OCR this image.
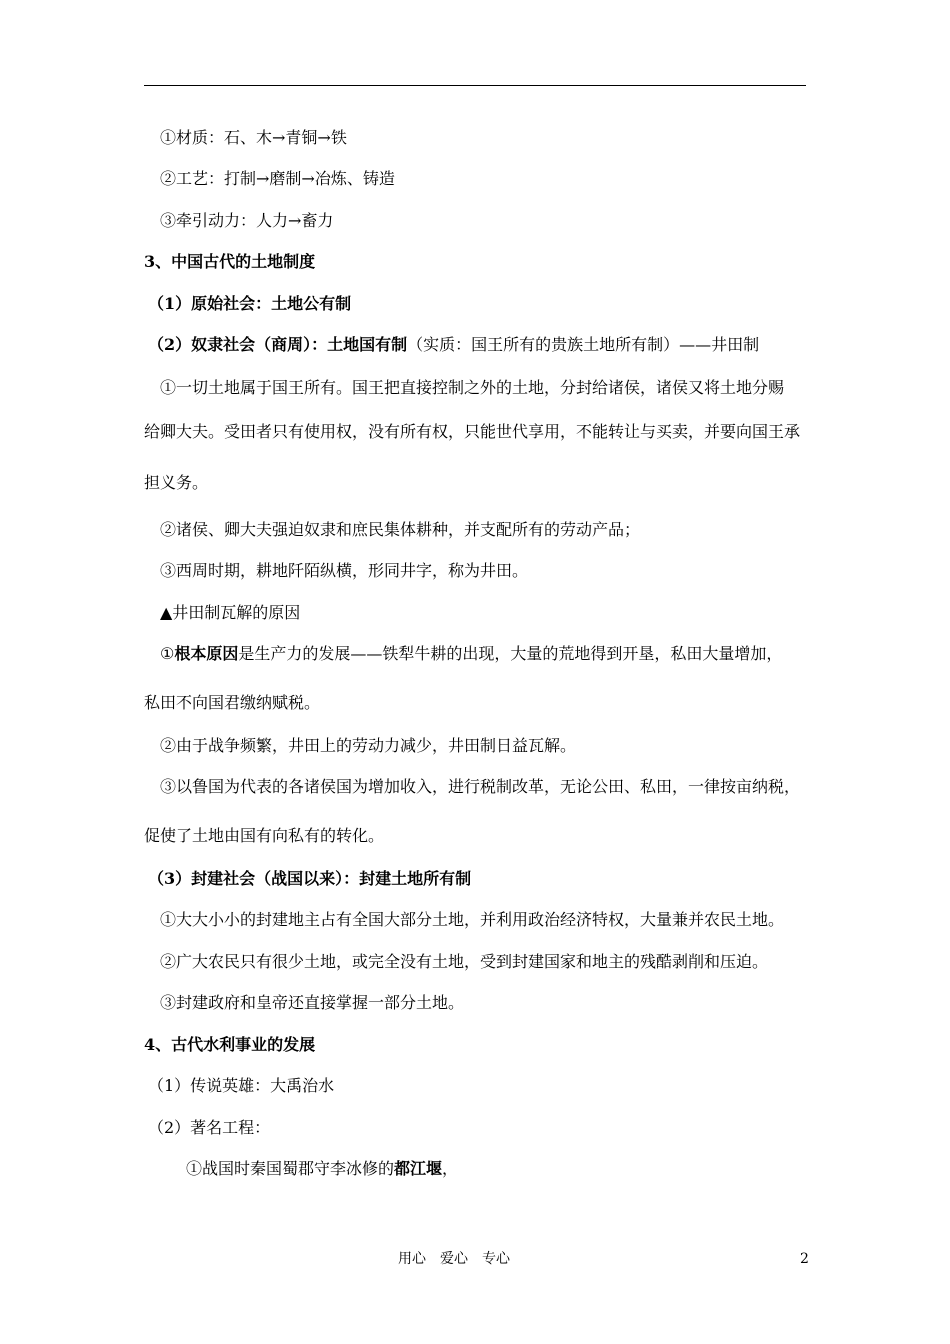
①材质：石、木→青铜→铁
②工艺：打制→磨制→冶炼、铸造
③牵引动力：人力→畜力
3、中国古代的土地制度
（1）原始社会：土地公有制
（2）奴隶社会（商周）：土地国有制（实质：国王所有的贵族土地所有制）——井田制
①一切土地属于国王所有。国王把直接控制之外的土地，分封给诸侯，诸侯又将土地分赐
给卿大夫。受田者只有使用权，没有所有权，只能世代享用，不能转让与买卖，并要向国王承
担义务。
②诸侯、卿大夫强迫奴隶和庶民集体耕种，并支配所有的劳动产品；
③西周时期，耕地阡陌纵横，形同井字，称为井田。
▲井田制瓦解的原因
①根本原因是生产力的发展——铁犁牛耕的出现，大量的荒地得到开垦，私田大量增加，
私田不向国君缴纳赋税。
②由于战争频繁，井田上的劳动力减少，井田制日益瓦解。
③以鲁国为代表的各诸侯国为增加收入，进行税制改革，无论公田、私田，一律按亩纳税，
促使了土地由国有向私有的转化。
（3）封建社会（战国以来）：封建土地所有制
①大大小小的封建地主占有全国大部分土地，并利用政治经济特权，大量兼并农民土地。
②广大农民只有很少土地，或完全没有土地，受到封建国家和地主的残酷剥削和压迫。
③封建政府和皇帝还直接掌握一部分土地。
4、古代水利事业的发展
（1）传说英雄：大禹治水
（2）著名工程：
①战国时秦国蜀郡守李冰修的都江堰，
用心　爱心　专心	2
